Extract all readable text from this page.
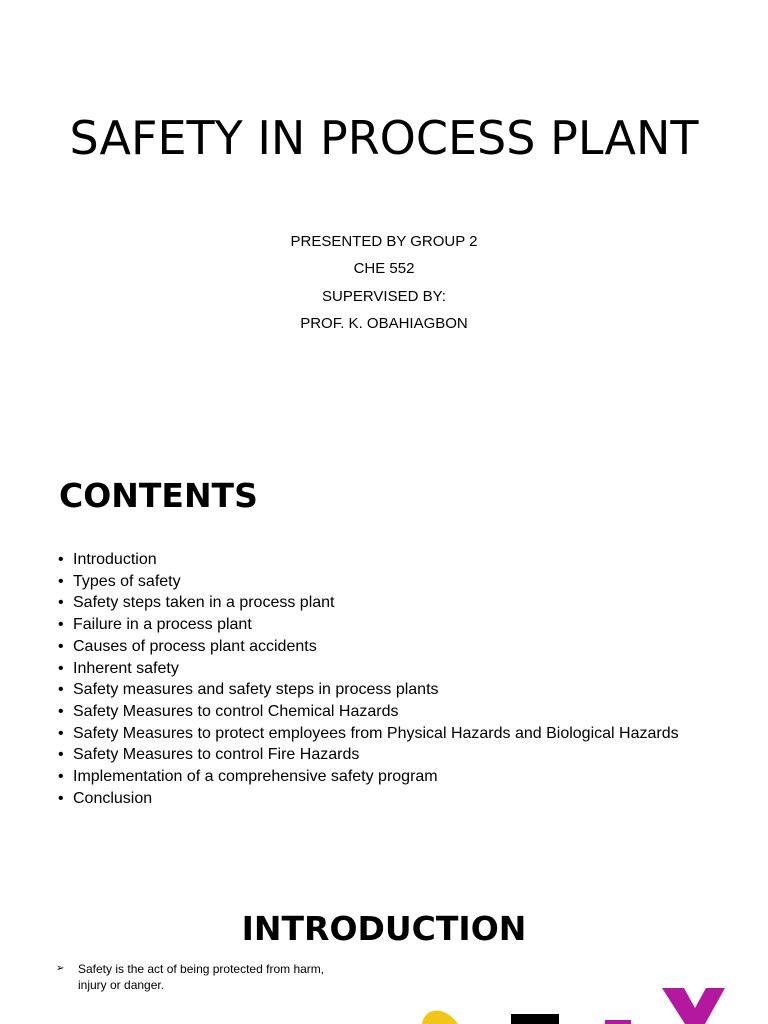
SAFETY IN PROCESS PLANT
PRESENTED BY GROUP 2
CHE 552
SUPERVISED BY:
PROF. K. OBAHIAGBON
CONTENTS
• Introduction
• Types of safety
• Safety steps taken in a process plant
• Failure in a process plant
• Causes of process plant accidents
• Inherent safety
• Safety measures and safety steps in process plants
• Safety Measures to control Chemical Hazards
• Safety Measures to protect employees from Physical Hazards and Biological Hazards
• Safety Measures to control Fire Hazards
• Implementation of a comprehensive safety program
• Conclusion
INTRODUCTION
➢	Safety is the act of being protected from harm, injury or danger.
